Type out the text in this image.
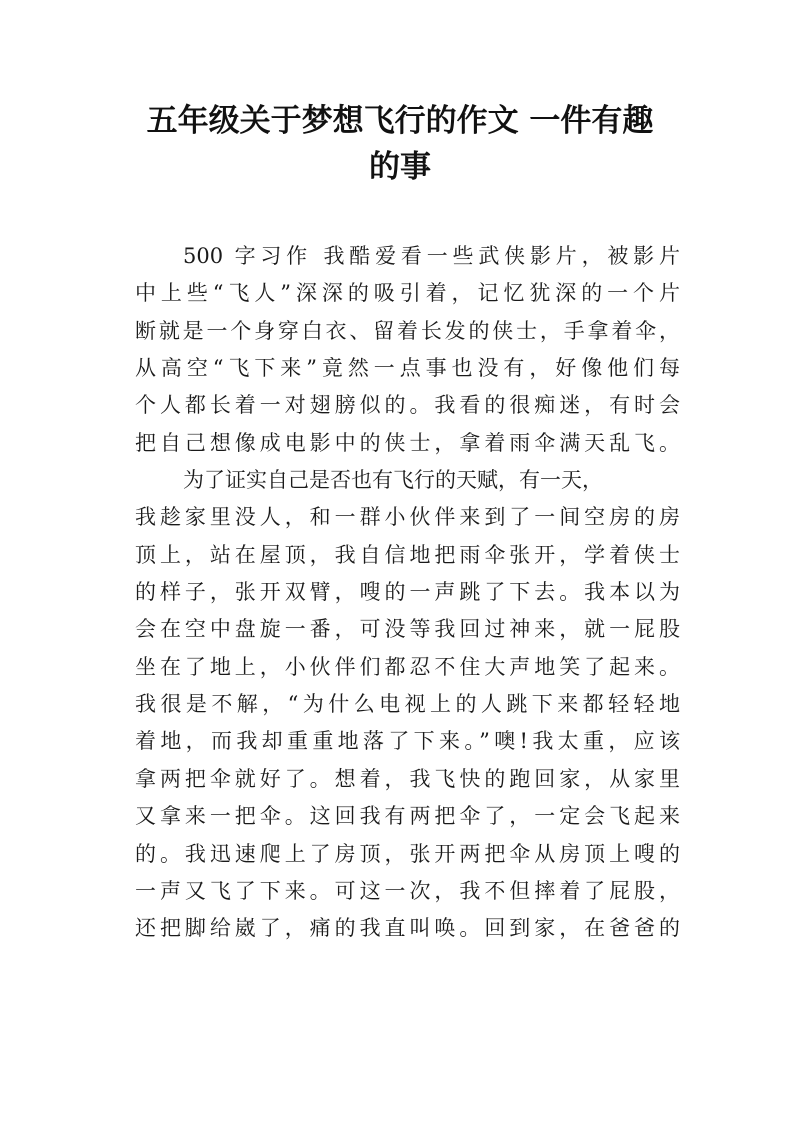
五年级关于梦想飞行的作文 一件有趣
的事
500 字习作 我酷爱看一些武侠影片，被影片
中上些“飞人”深深的吸引着，记忆犹深的一个片
断就是一个身穿白衣、留着长发的侠士，手拿着伞，
从高空“飞下来”竟然一点事也没有，好像他们每
个人都长着一对翅膀似的。我看的很痴迷，有时会
把自己想像成电影中的侠士，拿着雨伞满天乱飞。
为了证实自己是否也有飞行的天赋，有一天，
我趁家里没人，和一群小伙伴来到了一间空房的房
顶上，站在屋顶，我自信地把雨伞张开，学着侠士
的样子，张开双臂，嗖的一声跳了下去。我本以为
会在空中盘旋一番，可没等我回过神来，就一屁股
坐在了地上，小伙伴们都忍不住大声地笑了起来。
我很是不解，“为什么电视上的人跳下来都轻轻地
着地，而我却重重地落了下来。”噢!我太重，应该
拿两把伞就好了。想着，我飞快的跑回家，从家里
又拿来一把伞。这回我有两把伞了，一定会飞起来
的。我迅速爬上了房顶，张开两把伞从房顶上嗖的
一声又飞了下来。可这一次，我不但摔着了屁股，
还把脚给崴了，痛的我直叫唤。回到家，在爸爸的
